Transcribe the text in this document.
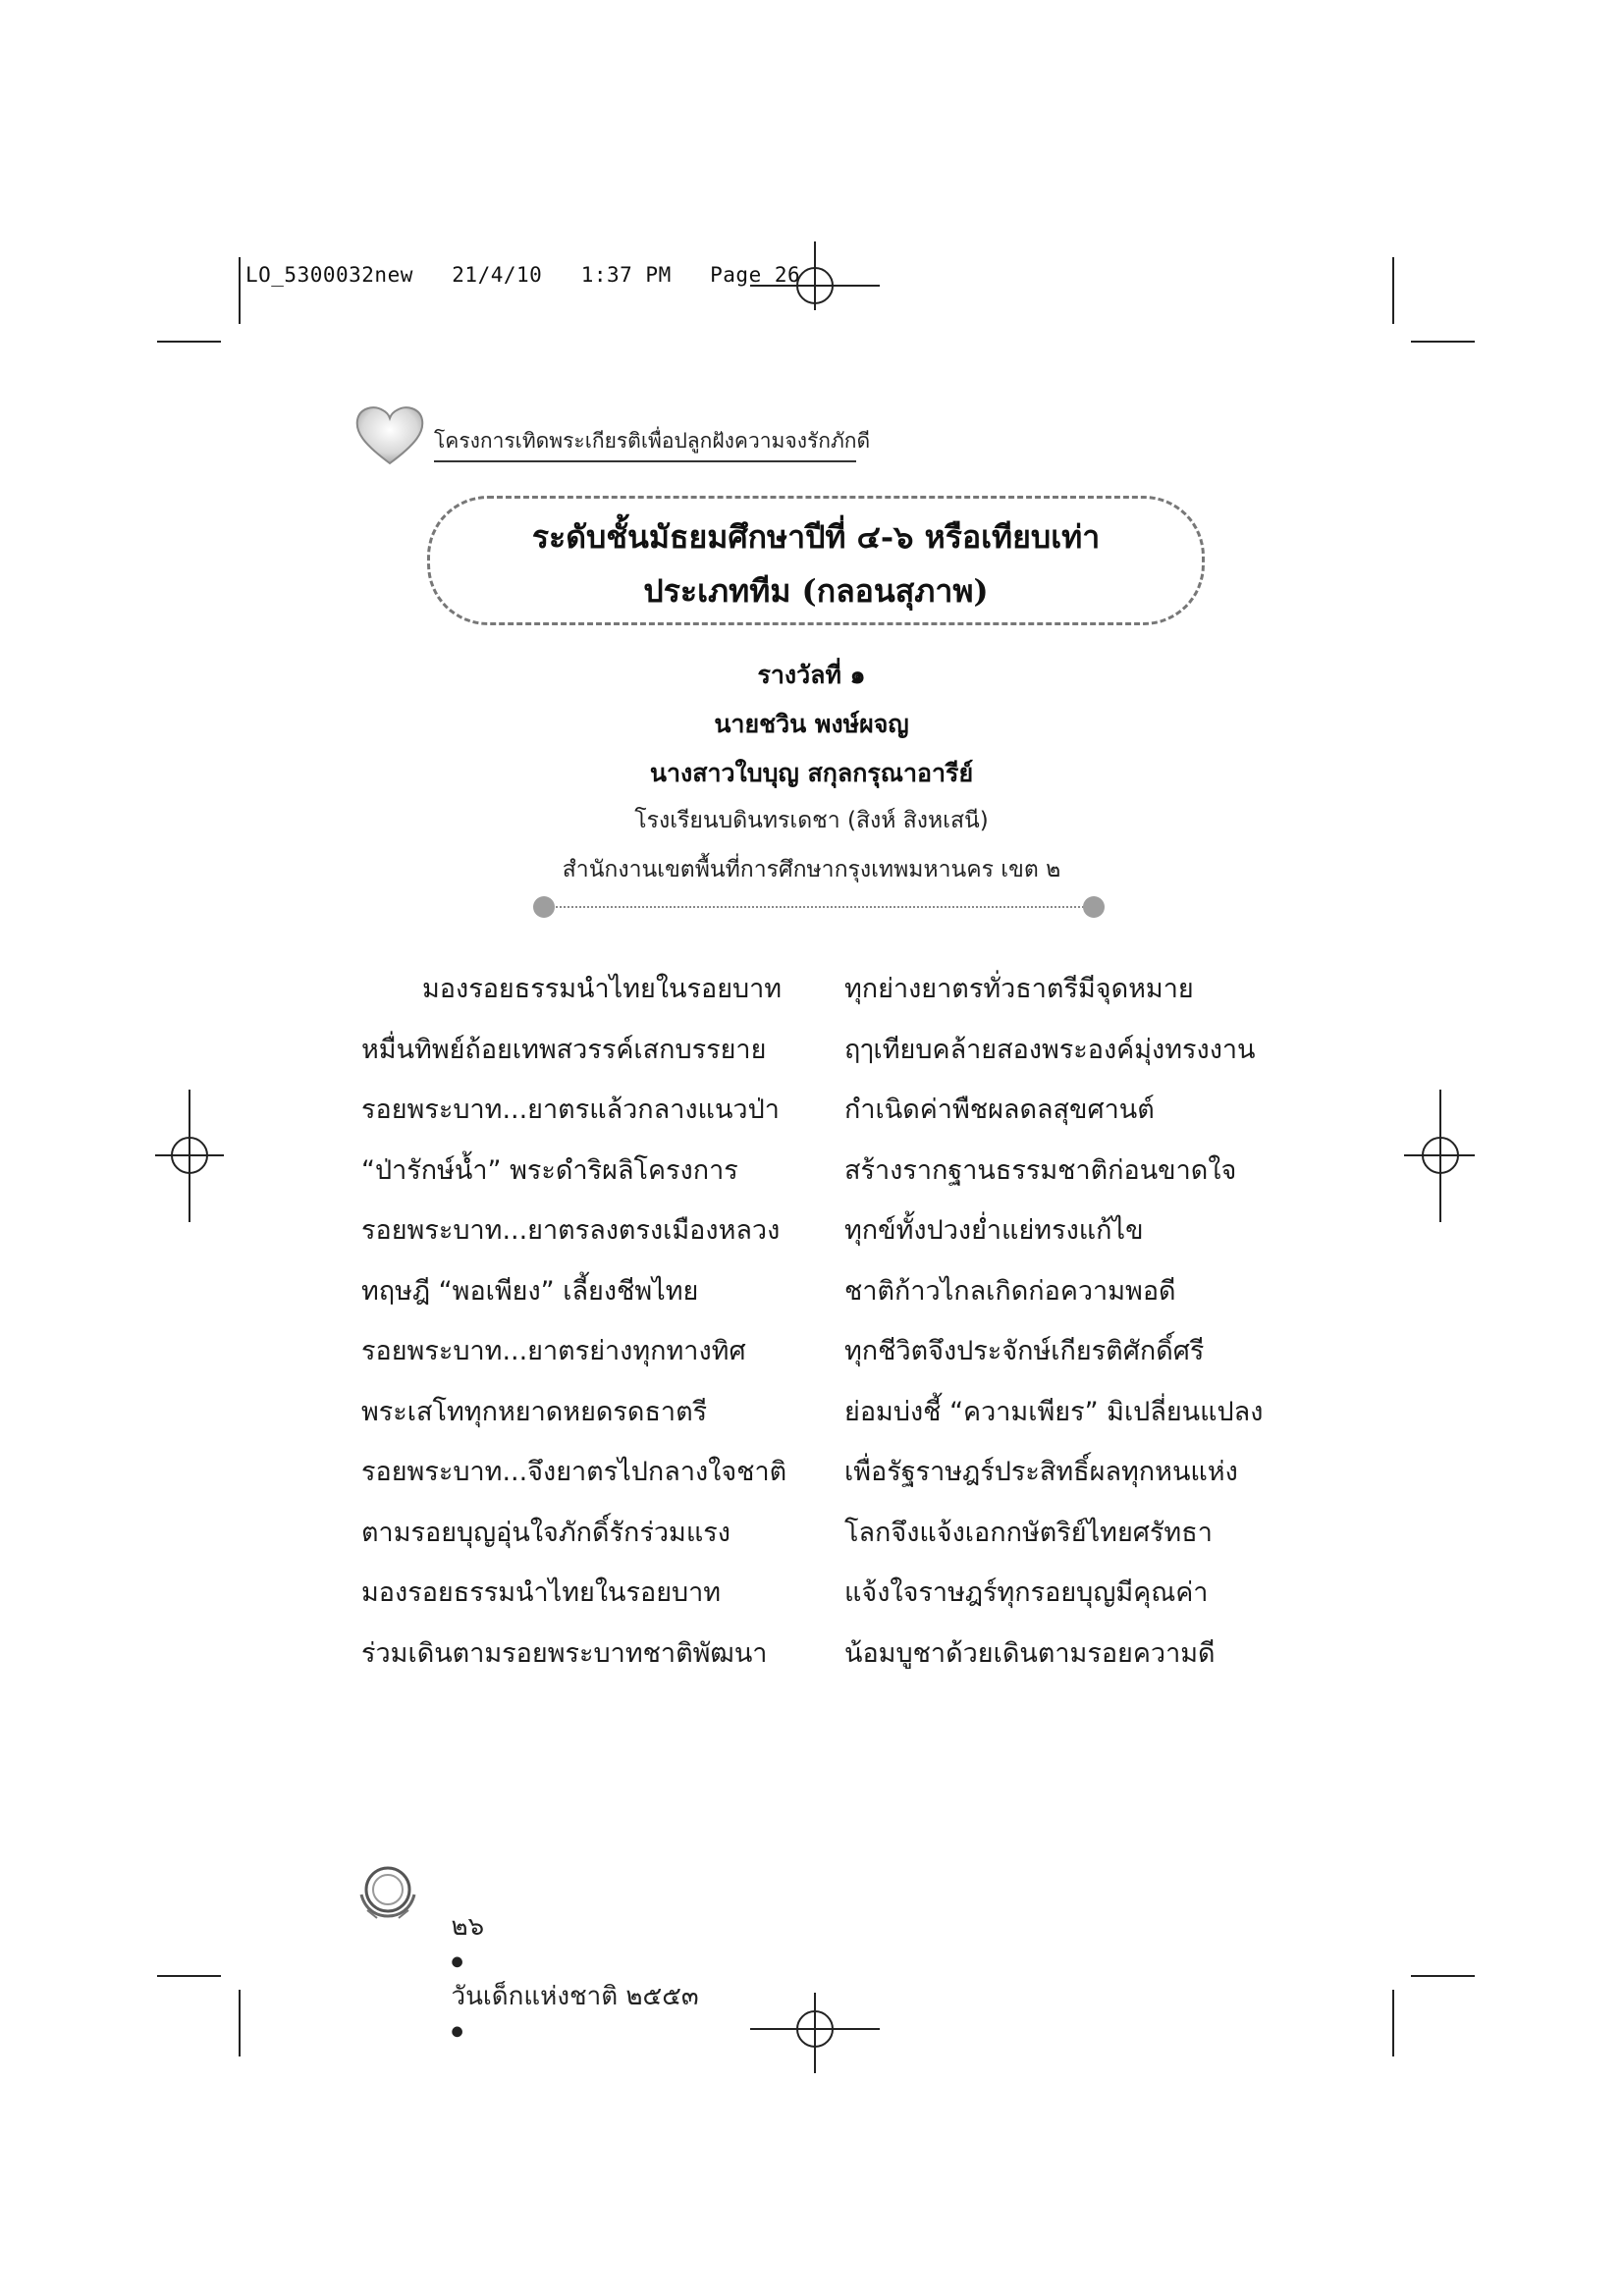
LO_5300032new   21/4/10   1:37 PM   Page 26
โครงการเทิดพระเกียรติเพื่อปลูกฝังความจงรักภักดี
ระดับชั้นมัธยมศึกษาปีที่ ๔-๖ หรือเทียบเท่า
ประเภททีม (กลอนสุภาพ)
รางวัลที่ ๑
นายชวิน พงษ์ผจญ
นางสาวใบบุญ สกุลกรุณาอารีย์
โรงเรียนบดินทรเดชา (สิงห์ สิงหเสนี)
สำนักงานเขตพื้นที่การศึกษากรุงเทพมหานคร เขต ๒
มองรอยธรรมนำไทยในรอยบาท
หมื่นทิพย์ถ้อยเทพสวรรค์เสกบรรยาย
รอยพระบาท...ยาตรแล้วกลางแนวป่า
“ป่ารักษ์น้ำ” พระดำริผลิโครงการ
รอยพระบาท...ยาตรลงตรงเมืองหลวง
ทฤษฎี “พอเพียง” เลี้ยงชีพไทย
รอยพระบาท...ยาตรย่างทุกทางทิศ
พระเสโททุกหยาดหยดรดธาตรี
รอยพระบาท...จึงยาตรไปกลางใจชาติ
ตามรอยบุญอุ่นใจภักดิ์รักร่วมแรง
มองรอยธรรมนำไทยในรอยบาท
ร่วมเดินตามรอยพระบาทชาติพัฒนา
ทุกย่างยาตรทั่วธาตรีมีจุดหมาย
ฤๅเทียบคล้ายสองพระองค์มุ่งทรงงาน
กำเนิดค่าพืชผลดลสุขศานต์
สร้างรากฐานธรรมชาติก่อนขาดใจ
ทุกข์ทั้งปวงย่ำแย่ทรงแก้ไข
ชาติก้าวไกลเกิดก่อความพอดี
ทุกชีวิตจึงประจักษ์เกียรติศักดิ์ศรี
ย่อมบ่งชี้ “ความเพียร” มิเปลี่ยนแปลง
เพื่อรัฐราษฎร์ประสิทธิ์ผลทุกหนแห่ง
โลกจึงแจ้งเอกกษัตริย์ไทยศรัทธา
แจ้งใจราษฎร์ทุกรอยบุญมีคุณค่า
น้อมบูชาด้วยเดินตามรอยความดี

๒๖
●
วันเด็กแห่งชาติ ๒๕๕๓
●
